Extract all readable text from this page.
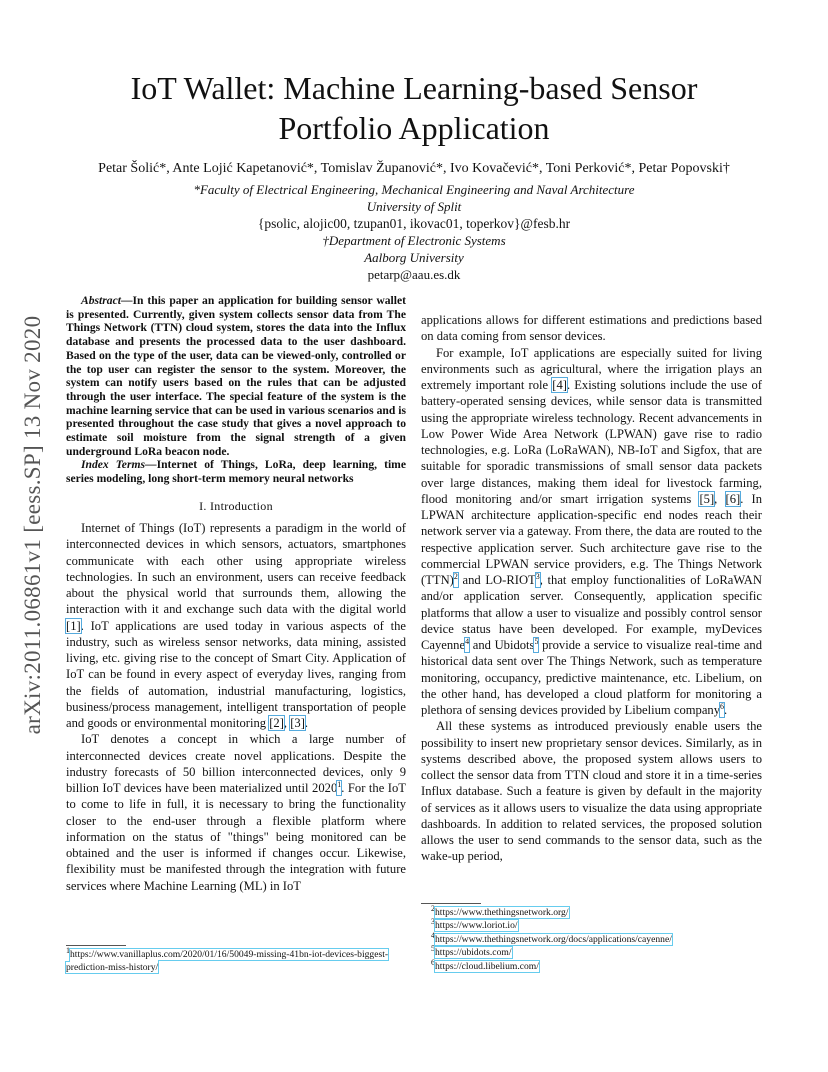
IoT Wallet: Machine Learning-based Sensor
Portfolio Application
Petar Šolić*, Ante Lojić Kapetanović*, Tomislav Županović*, Ivo Kovačević*, Toni Perković*, Petar Popovski†
*Faculty of Electrical Engineering, Mechanical Engineering and Naval Architecture
University of Split
{psolic, alojic00, tzupan01, ikovac01, toperkov}@fesb.hr
†Department of Electronic Systems
Aalborg University
petarp@aau.es.dk
arXiv:2011.06861v1 [eess.SP] 13 Nov 2020

Abstract—In this paper an application for building sensor wallet is presented. Currently, given system collects sensor data from The Things Network (TTN) cloud system, stores the data into the Influx database and presents the processed data to the user dashboard. Based on the type of the user, data can be viewed-only, controlled or the top user can register the sensor to the system. Moreover, the system can notify users based on the rules that can be adjusted through the user interface. The special feature of the system is the machine learning service that can be used in various scenarios and is presented throughout the case study that gives a novel approach to estimate soil moisture from the signal strength of a given underground LoRa beacon node.

Index Terms—Internet of Things, LoRa, deep learning, time series modeling, long short-term memory neural networks

I. Introduction

Internet of Things (IoT) represents a paradigm in the world of interconnected devices in which sensors, actuators, smartphones communicate with each other using appropriate wireless technologies. In such an environment, users can receive feedback about the physical world that surrounds them, allowing the interaction with it and exchange such data with the digital world [1]. IoT applications are used today in various aspects of the industry, such as wireless sensor networks, data mining, assisted living, etc. giving rise to the concept of Smart City. Application of IoT can be found in every aspect of everyday lives, ranging from the fields of automation, industrial manufacturing, logistics, business/process management, intelligent transportation of people and goods or environmental monitoring [2], [3].

IoT denotes a concept in which a large number of interconnected devices create novel applications. Despite the industry forecasts of 50 billion interconnected devices, only 9 billion IoT devices have been materialized until 2020$^1$. For the IoT to come to life in full, it is necessary to bring the functionality closer to the end-user through a flexible platform where information on the status of "things" being monitored can be obtained and the user is informed if changes occur. Likewise, flexibility must be manifested through the integration with future services where Machine Learning (ML) in IoT

applications allows for different estimations and predictions based on data coming from sensor devices.

For example, IoT applications are especially suited for living environments such as agricultural, where the irrigation plays an extremely important role [4]. Existing solutions include the use of battery-operated sensing devices, while sensor data is transmitted using the appropriate wireless technology. Recent advancements in Low Power Wide Area Network (LPWAN) gave rise to radio technologies, e.g. LoRa (LoRaWAN), NB-IoT and Sigfox, that are suitable for sporadic transmissions of small sensor data packets over large distances, making them ideal for livestock farming, flood monitoring and/or smart irrigation systems [5], [6]. In LPWAN architecture application-specific end nodes reach their network server via a gateway. From there, the data are routed to the respective application server. Such architecture gave rise to the commercial LPWAN service providers, e.g. The Things Network (TTN)$^2$ and LO-RIOT$^3$, that employ functionalities of LoRaWAN and/or application server. Consequently, application specific platforms that allow a user to visualize and possibly control sensor device status have been developed. For example, myDevices Cayenne$^4$ and Ubidots$^5$ provide a service to visualize real-time and historical data sent over The Things Network, such as temperature monitoring, occupancy, predictive maintenance, etc. Libelium, on the other hand, has developed a cloud platform for monitoring a plethora of sensing devices provided by Libelium company$^6$.

All these systems as introduced previously enable users the possibility to insert new proprietary sensor devices. Similarly, as in systems described above, the proposed system allows users to collect the sensor data from TTN cloud and store it in a time-series Influx database. Such a feature is given by default in the majority of services as it allows users to visualize the data using appropriate dashboards. In addition to related services, the proposed solution allows the user to send commands to the sensor data, such as the wake-up period,

$^1$https://www.vanillaplus.com/2020/01/16/50049-missing-41bn-iot-devices-biggest-prediction-miss-history/
$^2$https://www.thethingsnetwork.org/
$^3$https://www.loriot.io/
$^4$https://www.thethingsnetwork.org/docs/applications/cayenne/
$^5$https://ubidots.com/
$^6$https://cloud.libelium.com/
